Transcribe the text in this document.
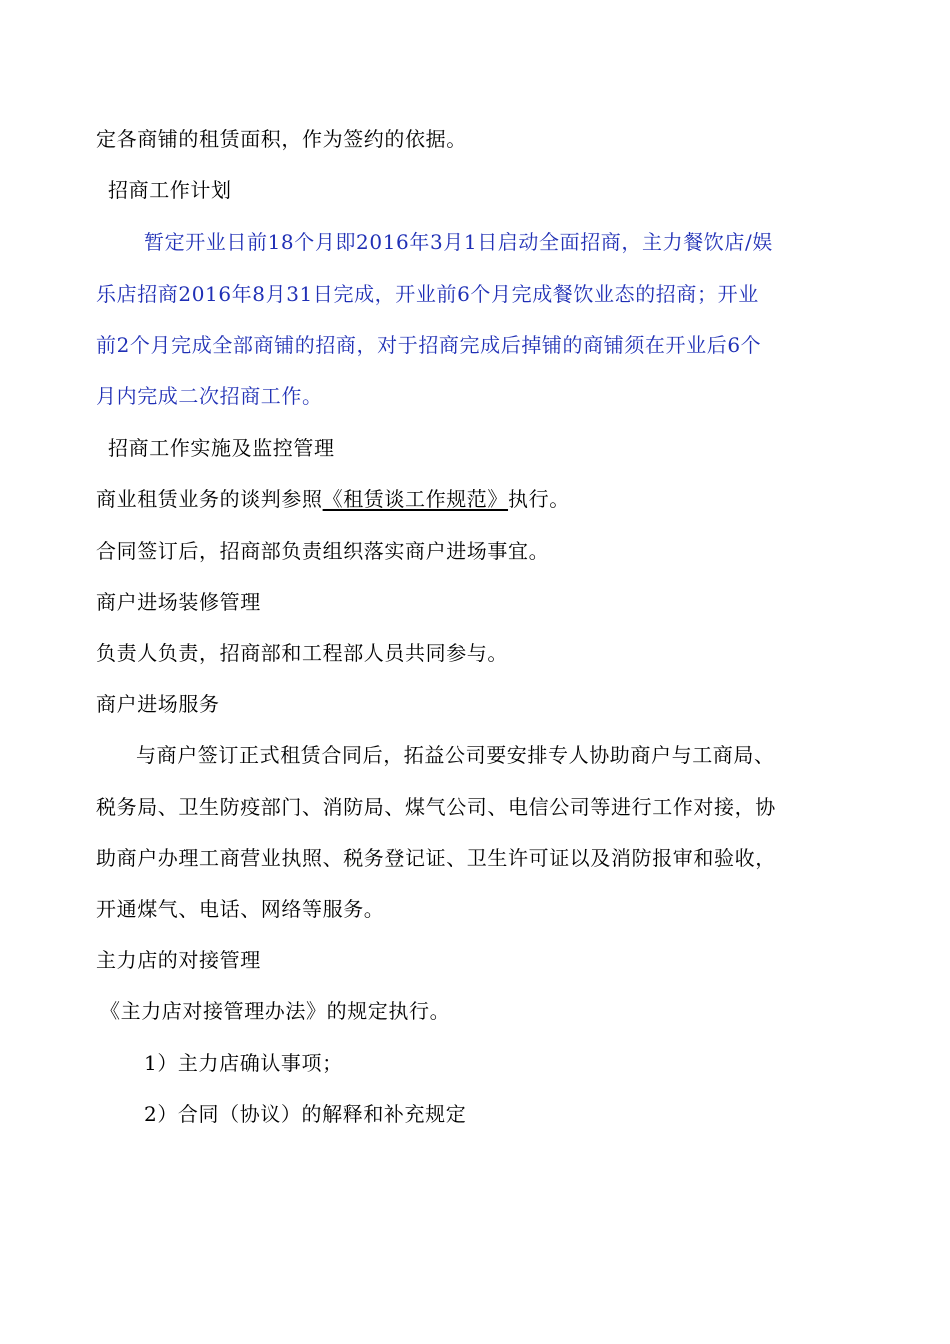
定各商铺的租赁面积，作为签约的依据。
招商工作计划
暂定开业日前18个月即2016年3月1日启动全面招商，主力餐饮店/娱
乐店招商2016年8月31日完成，开业前6个月完成餐饮业态的招商；开业
前2个月完成全部商铺的招商，对于招商完成后掉铺的商铺须在开业后6个
月内完成二次招商工作。
招商工作实施及监控管理
商业租赁业务的谈判参照《租赁谈工作规范》执行。
合同签订后，招商部负责组织落实商户进场事宜。
商户进场装修管理
负责人负责，招商部和工程部人员共同参与。
商户进场服务
与商户签订正式租赁合同后，拓益公司要安排专人协助商户与工商局、
税务局、卫生防疫部门、消防局、煤气公司、电信公司等进行工作对接，协
助商户办理工商营业执照、税务登记证、卫生许可证以及消防报审和验收，
开通煤气、电话、网络等服务。
主力店的对接管理
《主力店对接管理办法》的规定执行。
1）主力店确认事项；
2）合同（协议）的解释和补充规定
